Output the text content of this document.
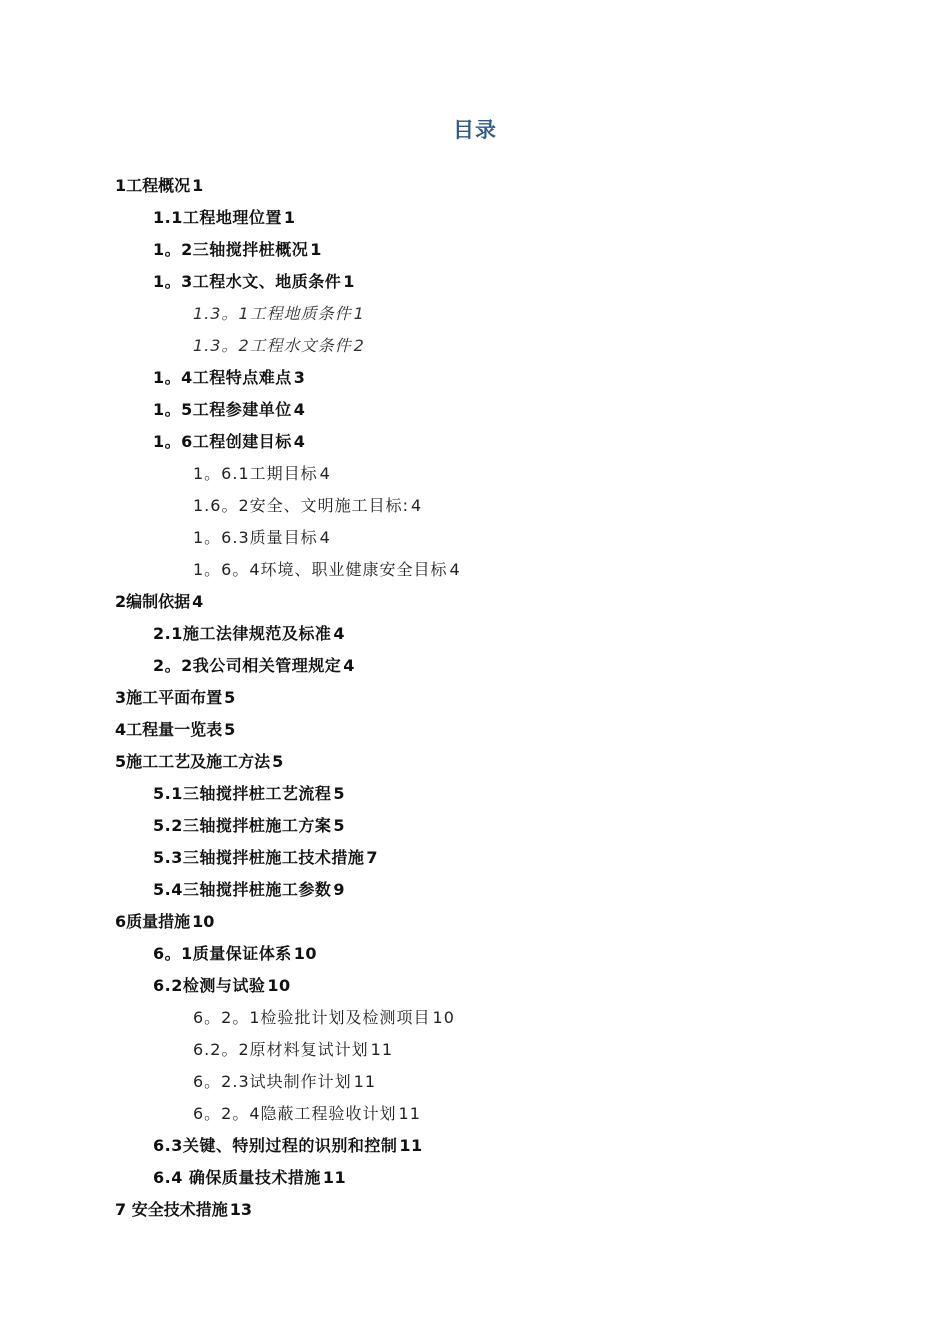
目录
1工程概况 1
1.1工程地理位置 1
1。2三轴搅拌桩概况 1
1。3工程水文、地质条件 1
1.3。1工程地质条件 1
1.3。2工程水文条件 2
1。4工程特点难点 3
1。5工程参建单位 4
1。6工程创建目标 4
1。6.1工期目标 4
1.6。2安全、文明施工目标: 4
1。6.3质量目标 4
1。6。4环境、职业健康安全目标 4
2编制依据 4
2.1施工法律规范及标准 4
2。2我公司相关管理规定 4
3施工平面布置 5
4工程量一览表 5
5施工工艺及施工方法 5
5.1三轴搅拌桩工艺流程 5
5.2三轴搅拌桩施工方案 5
5.3三轴搅拌桩施工技术措施 7
5.4三轴搅拌桩施工参数 9
6质量措施 10
6。1质量保证体系 10
6.2检测与试验 10
6。2。1检验批计划及检测项目 10
6.2。2原材料复试计划 11
6。2.3试块制作计划 11
6。2。4隐蔽工程验收计划 11
6.3关键、特别过程的识别和控制 11
6.4 确保质量技术措施 11
7 安全技术措施 13
